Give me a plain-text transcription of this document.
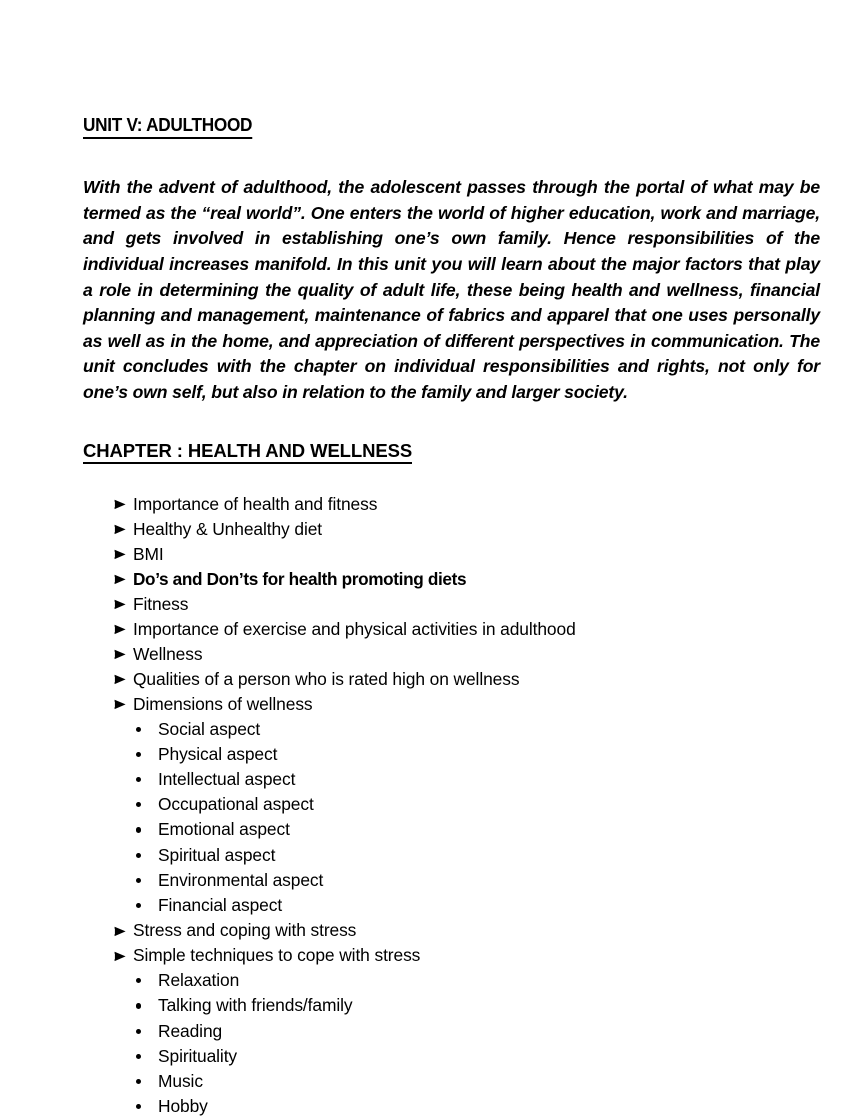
UNIT V: ADULTHOOD

With the advent of adulthood, the adolescent passes through the portal of what may be termed as the “real world”. One enters the world of higher education, work and marriage, and gets involved in establishing one’s own family. Hence responsibilities of the individual increases manifold. In this unit you will learn about the major factors that play a role in determining the quality of adult life, these being health and wellness, financial planning and management, maintenance of fabrics and apparel that one uses personally as well as in the home, and appreciation of different perspectives in communication. The unit concludes with the chapter on individual responsibilities and rights, not only for one’s own self, but also in relation to the family and larger society.

CHAPTER : HEALTH AND WELLNESS
Importance of health and fitness
Healthy & Unhealthy diet
BMI
Do’s and Don’ts for health promoting diets
Fitness
Importance of exercise and physical activities in adulthood
Wellness
Qualities of a person who is rated high on wellness
Dimensions of wellness
Social aspect
Physical aspect
Intellectual aspect
Occupational aspect
Emotional aspect
Spiritual aspect
Environmental aspect
Financial aspect
Stress and coping with stress
Simple techniques to cope with stress
Relaxation
Talking with friends/family
Reading
Spirituality
Music
Hobby
